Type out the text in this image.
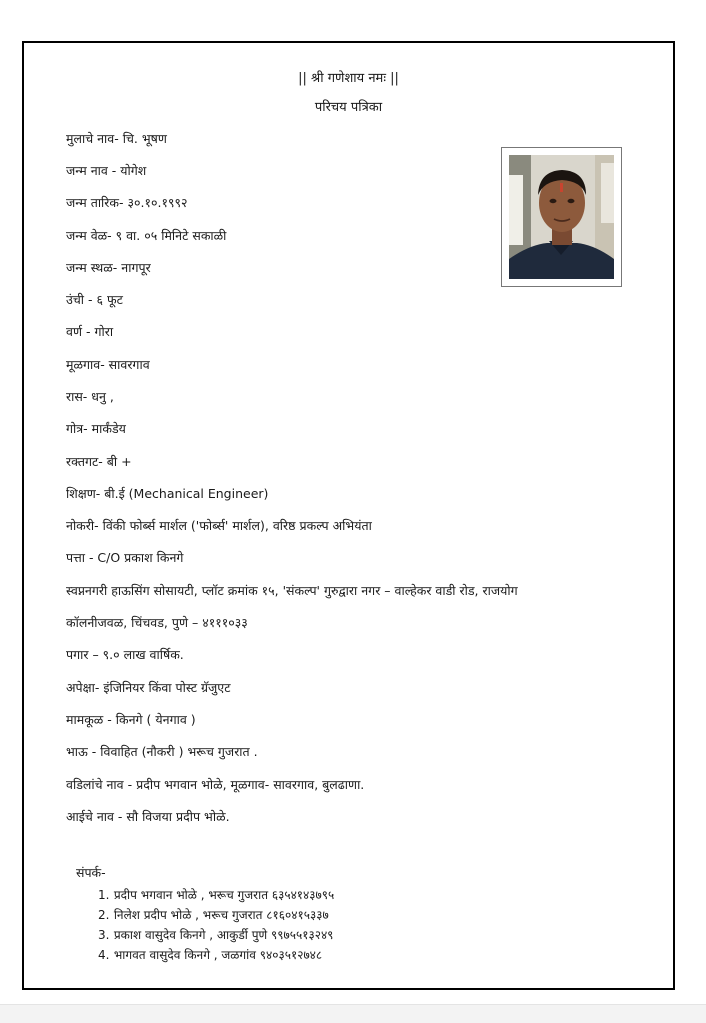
|| श्री गणेशाय नमः ||
परिचय पत्रिका
मुलाचे नाव- चि. भूषण
जन्म नाव - योगेश
जन्म तारिक- ३०.१०.१९९२
जन्म वेळ- ९ वा. ०५ मिनिटे सकाळी
जन्म स्थळ- नागपूर
उंची - ६ फूट
वर्ण - गोरा
मूळगाव- सावरगाव
रास- धनु ,
गोत्र- मार्कंडेय
रक्तगट- बी +
शिक्षण- बी.ई (Mechanical Engineer)
नोकरी- विंकी फोर्ब्स मार्शल ('फोर्ब्स' मार्शल), वरिष्ठ प्रकल्प अभियंता
पत्ता - C/O प्रकाश किनगे
स्वप्ननगरी हाऊसिंग सोसायटी, प्लॉट क्रमांक १५, 'संकल्प' गुरुद्वारा नगर – वाल्हेकर वाडी रोड, राजयोग
कॉलनीजवळ, चिंचवड, पुणे – ४१११०३३
पगार – ९.० लाख वार्षिक.
अपेक्षा- इंजिनियर किंवा पोस्ट ग्रॅजुएट
मामकूळ - किनगे ( येनगाव )
भाऊ - विवाहित (नौकरी ) भरूच गुजरात .
वडिलांचे नाव - प्रदीप भगवान भोळे, मूळगाव- सावरगाव, बुलढाणा.
आईचे नाव - सौ विजया प्रदीप भोळे.
संपर्क-
1. प्रदीप भगवान भोळे , भरूच गुजरात ६३५४१४३७९५
2. निलेश प्रदीप भोळे , भरूच गुजरात ८१६०४१५३३७
3. प्रकाश वासुदेव किनगे , आकुर्डी पुणे ९९७५५१३२४९
4. भागवत वासुदेव किनगे , जळगांव ९४०३५१२७४८
